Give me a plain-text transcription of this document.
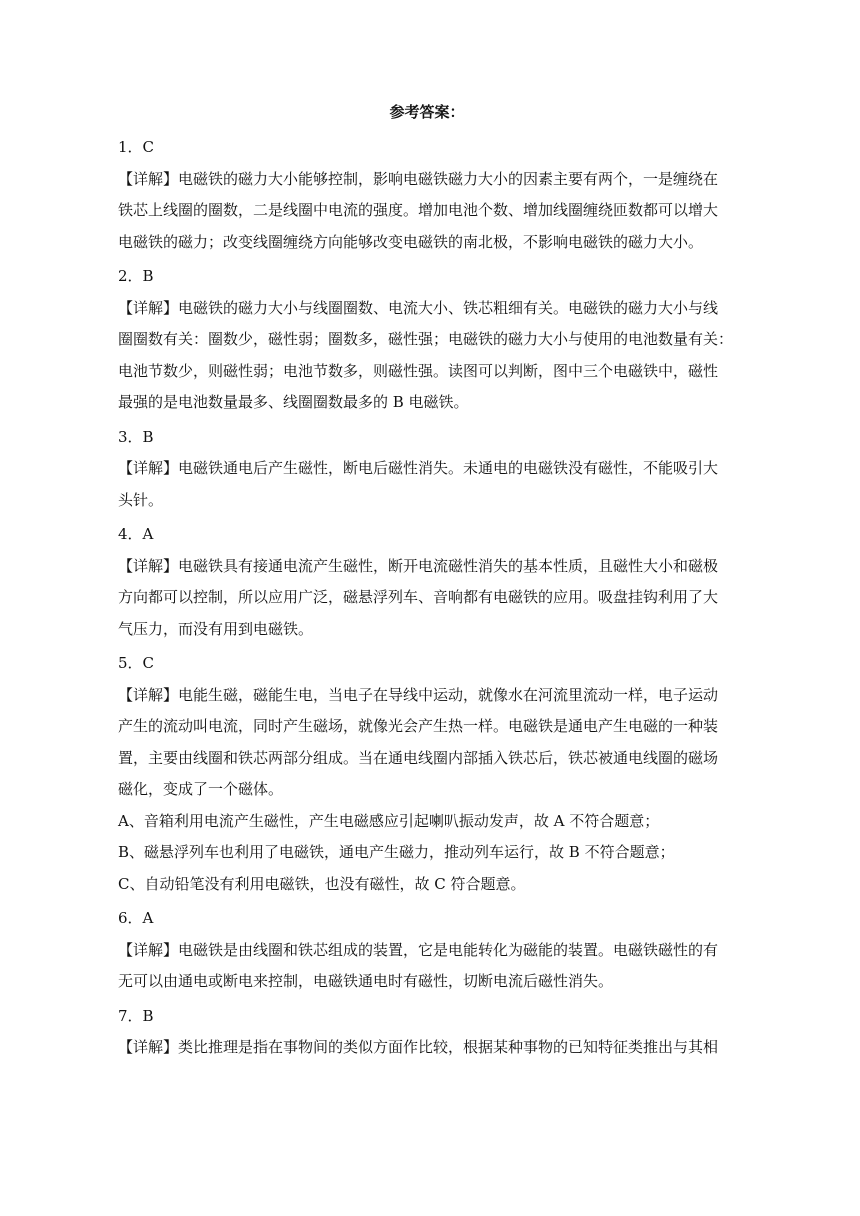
参考答案：
1．C
【详解】电磁铁的磁力大小能够控制，影响电磁铁磁力大小的因素主要有两个，一是缠绕在
铁芯上线圈的圈数，二是线圈中电流的强度。增加电池个数、增加线圈缠绕匝数都可以增大
电磁铁的磁力；改变线圈缠绕方向能够改变电磁铁的南北极，不影响电磁铁的磁力大小。
2．B
【详解】电磁铁的磁力大小与线圈圈数、电流大小、铁芯粗细有关。电磁铁的磁力大小与线
圈圈数有关：圈数少，磁性弱；圈数多，磁性强；电磁铁的磁力大小与使用的电池数量有关：
电池节数少，则磁性弱；电池节数多，则磁性强。读图可以判断，图中三个电磁铁中，磁性
最强的是电池数量最多、线圈圈数最多的 B 电磁铁。
3．B
【详解】电磁铁通电后产生磁性，断电后磁性消失。未通电的电磁铁没有磁性，不能吸引大
头针。
4．A
【详解】电磁铁具有接通电流产生磁性，断开电流磁性消失的基本性质，且磁性大小和磁极
方向都可以控制，所以应用广泛，磁悬浮列车、音响都有电磁铁的应用。吸盘挂钩利用了大
气压力，而没有用到电磁铁。
5．C
【详解】电能生磁，磁能生电，当电子在导线中运动，就像水在河流里流动一样，电子运动
产生的流动叫电流，同时产生磁场，就像光会产生热一样。电磁铁是通电产生电磁的一种装
置，主要由线圈和铁芯两部分组成。当在通电线圈内部插入铁芯后，铁芯被通电线圈的磁场
磁化，变成了一个磁体。
A、音箱利用电流产生磁性，产生电磁感应引起喇叭振动发声，故 A 不符合题意；
B、磁悬浮列车也利用了电磁铁，通电产生磁力，推动列车运行，故 B 不符合题意；
C、自动铅笔没有利用电磁铁，也没有磁性，故 C 符合题意。
6．A
【详解】电磁铁是由线圈和铁芯组成的装置，它是电能转化为磁能的装置。电磁铁磁性的有
无可以由通电或断电来控制，电磁铁通电时有磁性，切断电流后磁性消失。
7．B
【详解】类比推理是指在事物间的类似方面作比较，根据某种事物的已知特征类推出与其相
